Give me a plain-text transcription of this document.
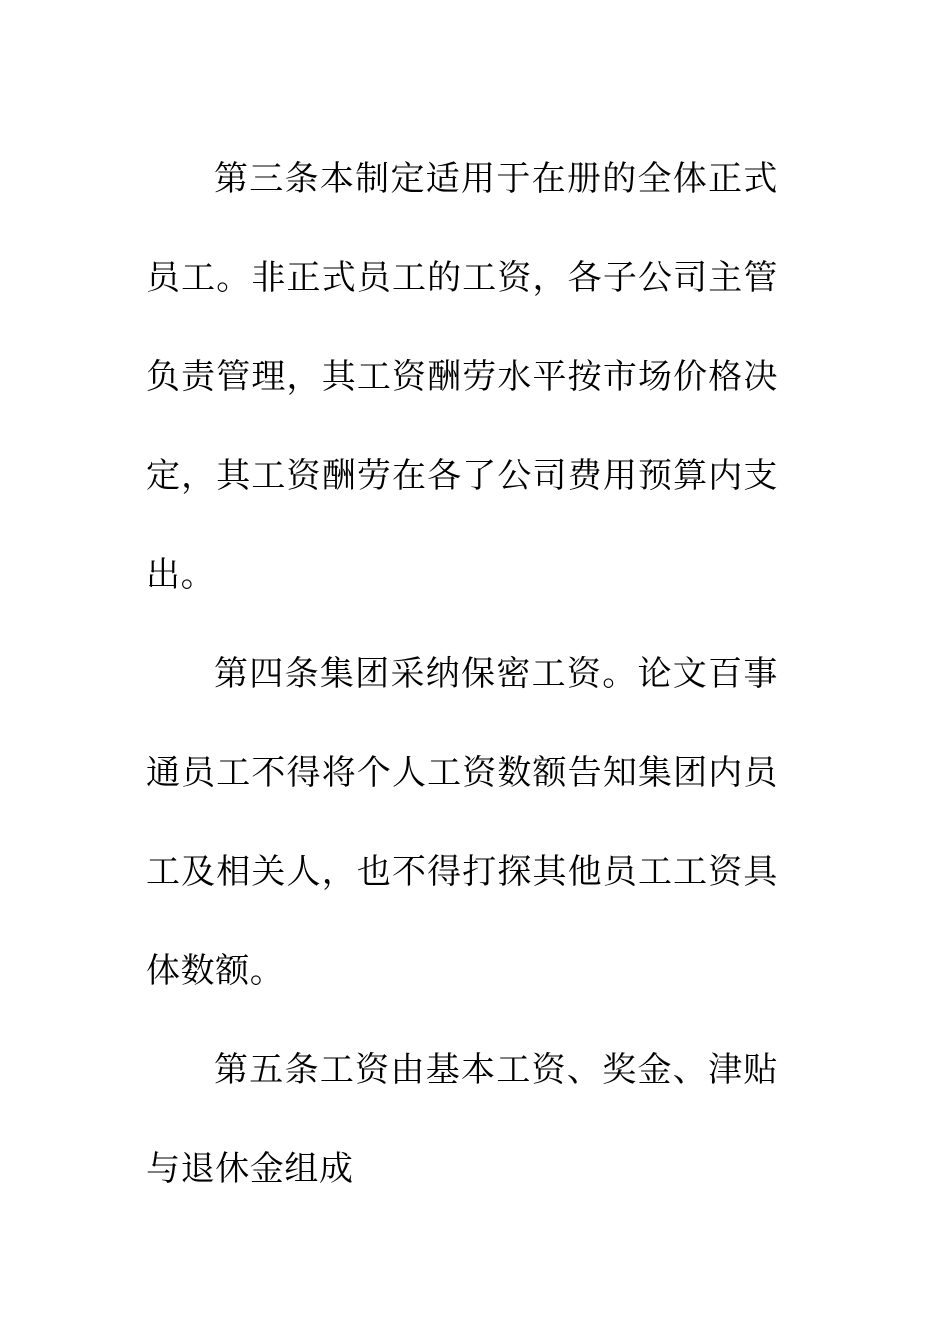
第三条本制定适用于在册的全体正式员工。非正式员工的工资，各子公司主管负责管理，其工资酬劳水平按市场价格决定，其工资酬劳在各了公司费用预算内支出。

第四条集团采纳保密工资。论文百事通员工不得将个人工资数额告知集团内员工及相关人，也不得打探其他员工工资具体数额。

第五条工资由基本工资、奖金、津贴与退休金组成
